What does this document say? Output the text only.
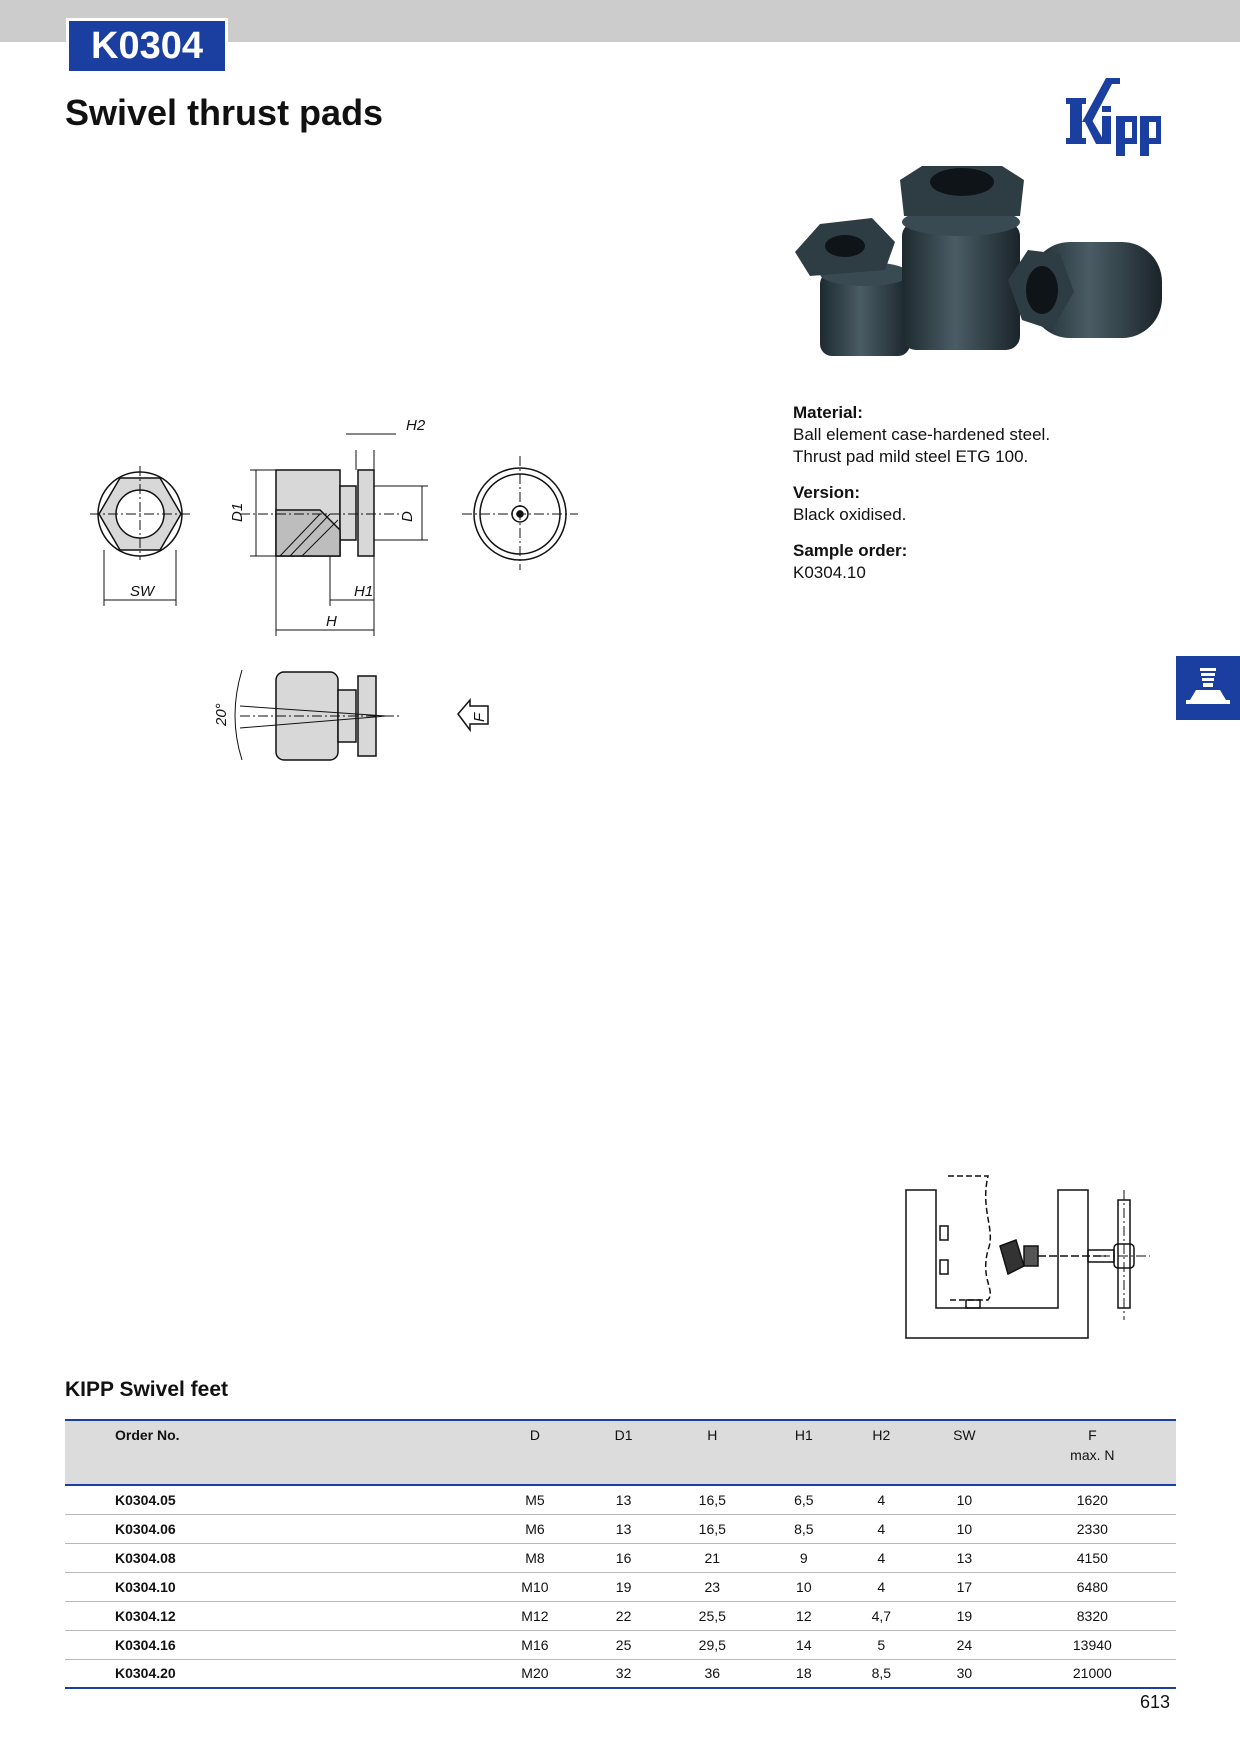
K0304
Swivel thrust pads
Material:
Ball element case-hardened steel.
Thrust pad mild steel ETG 100.
Version:
Black oxidised.
Sample order:
K0304.10
H2
D1	D
SW	H1
H
20°	F
KIPP Swivel feet
Order No.	D	D1	H	H1	H2	SW	F
max. N

K0304.05	M5	13	16,5	6,5	4	10	1620
K0304.06	M6	13	16,5	8,5	4	10	2330
K0304.08	M8	16	21	9	4	13	4150
K0304.10	M10	19	23	10	4	17	6480
K0304.12	M12	22	25,5	12	4,7	19	8320
K0304.16	M16	25	29,5	14	5	24	13940
K0304.20	M20	32	36	18	8,5	30	21000
613
